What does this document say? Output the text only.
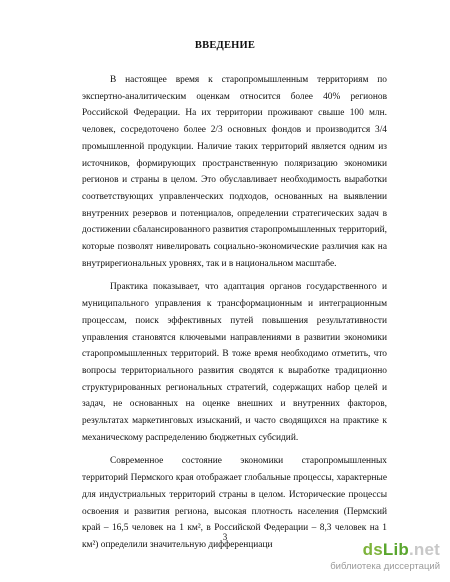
ВВЕДЕНИЕ

В настоящее время к старопромышленным территориям по экспертно-аналитическим оценкам относится более 40% регионов Российской Федерации. На их территории проживают свыше 100 млн. человек, сосредоточено более 2/3 основных фондов и производится 3/4 промышленной продукции. Наличие таких территорий является одним из источников, формирующих пространственную поляризацию экономики регионов и страны в целом. Это обуславливает необходимость выработки соответствующих управленческих подходов, основанных на выявлении внутренних резервов и потенциалов, определении стратегических задач в достижении сбалансированного развития старопромышленных территорий, которые позволят нивелировать социально-экономические различия как на внутрирегиональных уровнях, так и в национальном масштабе.

Практика показывает, что адаптация органов государственного и муниципального управления к трансформационным и интеграционным процессам, поиск эффективных путей повышения результативности управления становятся ключевыми направлениями в развитии экономики старопромышленных территорий. В тоже время необходимо отметить, что вопросы территориального развития сводятся к выработке традиционно структурированных региональных стратегий, содержащих набор целей и задач, не основанных на оценке внешних и внутренних факторов, результатах маркетинговых изысканий, и часто сводящихся на практике к механическому распределению бюджетных субсидий.

Современное состояние экономики старопромышленных территорий Пермского края отображает глобальные процессы, характерные для индустриальных территорий страны в целом. Исторические процессы освоения и развития региона, высокая плотность населения (Пермский край – 16,5 человек на 1 км², в Российской Федерации – 8,3 человек на 1 км²) определили значительную дифференциаци

3
dsLib.net
библиотека диссертаций
